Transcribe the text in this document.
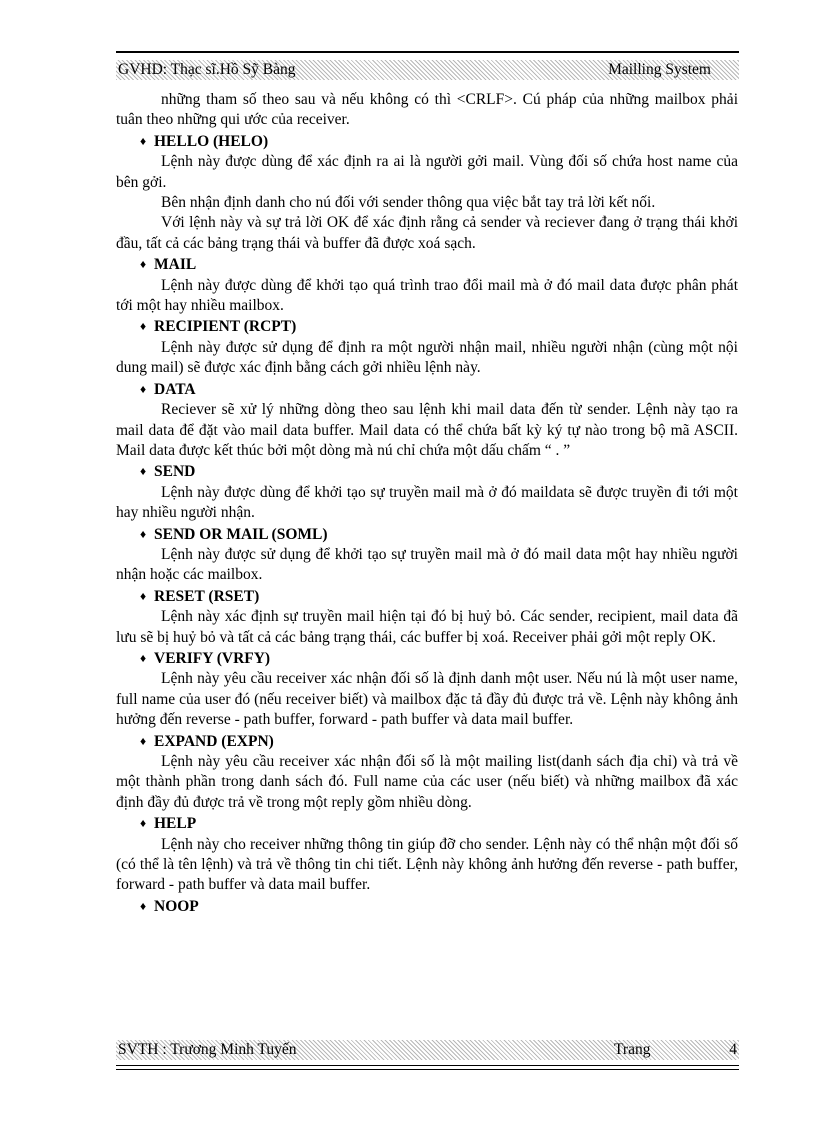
GVHD: Thạc sĩ.Hồ Sỹ Bàng	Mailling System

những tham số theo sau và nếu không có thì <CRLF>. Cú pháp của những mailbox phải tuân theo những qui ước của receiver.

♦ HELLO (HELO)

Lệnh này được dùng để xác định ra ai là người gởi mail. Vùng đối số chứa host name của bên gởi.

Bên nhận định danh cho nú đối với sender thông qua việc bắt tay trả lời kết nối.

Với lệnh này và sự trả lời OK để xác định rằng cả sender và reciever đang ở trạng thái khởi đầu, tất cả các bảng trạng thái và buffer đã được xoá sạch.

♦ MAIL

Lệnh này được dùng để khởi tạo quá trình trao đổi mail mà ở đó mail data được phân phát tới một hay nhiều mailbox.

♦ RECIPIENT (RCPT)

Lệnh này được sử dụng để định ra một người nhận mail, nhiều người nhận (cùng một nội dung mail) sẽ được xác định bằng cách gởi nhiều lệnh này.

♦ DATA

Reciever sẽ xử lý những dòng theo sau lệnh khi mail data đến từ sender. Lệnh này tạo ra mail data để đặt vào mail data buffer. Mail data có thể chứa bất kỳ ký tự nào trong bộ mã ASCII. Mail data được kết thúc bởi một dòng mà nú chỉ chứa một dấu chấm “ . ”

♦ SEND

Lệnh này được dùng để khởi tạo sự truyền mail mà ở đó maildata sẽ được truyền đi tới một hay nhiều người nhận.

♦ SEND OR MAIL (SOML)

Lệnh này được sử dụng để khởi tạo sự truyền mail mà ở đó mail data một hay nhiều người nhận hoặc các mailbox.

♦ RESET (RSET)

Lệnh này xác định sự truyền mail hiện tại đó bị huỷ bỏ. Các sender, recipient, mail data đã lưu sẽ bị huỷ bỏ và tất cả các bảng trạng thái, các buffer bị xoá. Receiver phải gởi một reply OK.

♦ VERIFY (VRFY)

Lệnh này yêu cầu receiver xác nhận đối số là định danh một user. Nếu nú là một user name, full name của user đó (nếu receiver biết) và mailbox đặc tả đầy đủ được trả về. Lệnh này không ảnh hưởng đến reverse - path buffer, forward - path buffer và data mail buffer.

♦ EXPAND (EXPN)

Lệnh này yêu cầu receiver xác nhận đối số là một mailing list(danh sách địa chỉ) và trả về một thành phần trong danh sách đó. Full name của các user (nếu biết) và những mailbox đã xác định đầy đủ được trả về trong một reply gồm nhiều dòng.

♦ HELP

Lệnh này cho receiver những thông tin giúp đỡ cho sender. Lệnh này có thể nhận một đối số (có thể là tên lệnh) và trả về thông tin chi tiết. Lệnh này không ảnh hưởng đến reverse - path buffer, forward - path buffer và data mail buffer.

♦ NOOP
SVTH : Trương Minh Tuyến	Trang	4
